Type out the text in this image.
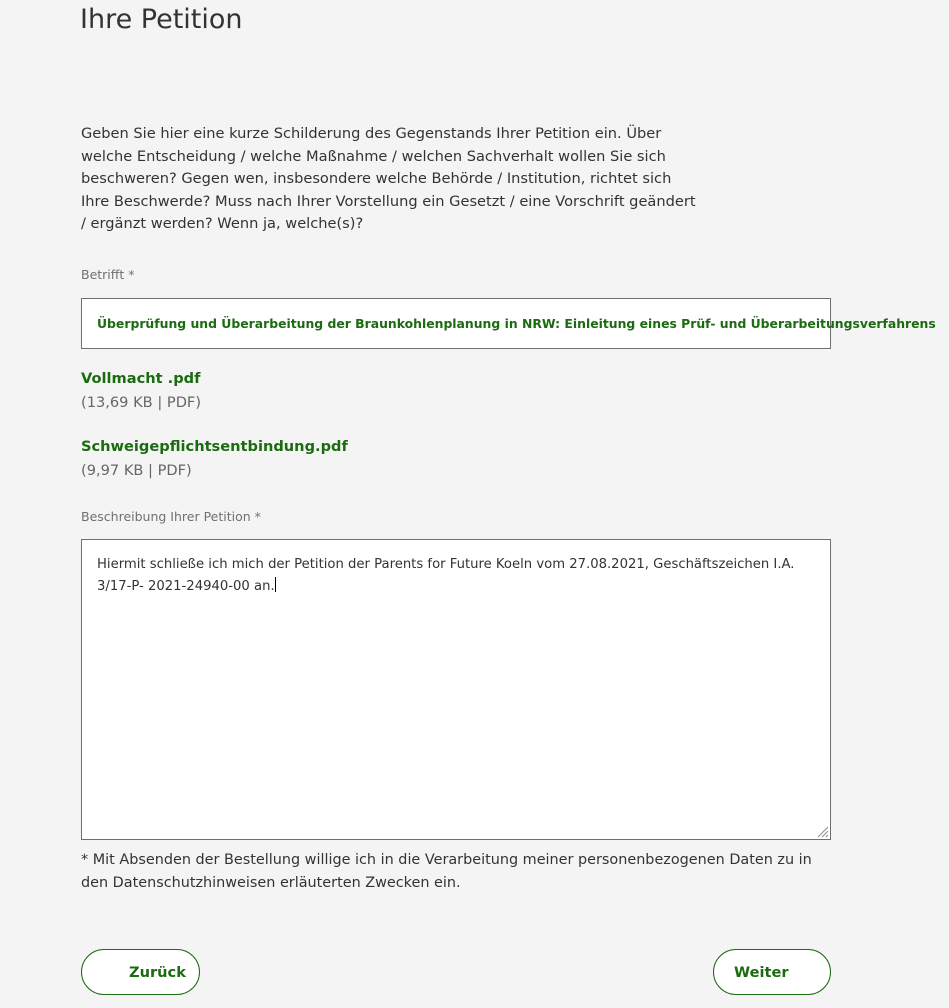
Ihre Petition

Geben Sie hier eine kurze Schilderung des Gegenstands Ihrer Petition ein. Über welche Entscheidung / welche Maßnahme / welchen Sachverhalt wollen Sie sich beschweren? Gegen wen, insbesondere welche Behörde / Institution, richtet sich Ihre Beschwerde? Muss nach Ihrer Vorstellung ein Gesetzt / eine Vorschrift geändert / ergänzt werden? Wenn ja, welche(s)?

Betrifft *
Überprüfung und Überarbeitung der Braunkohlenplanung in NRW: Einleitung eines Prüf- und Überarbeitungsverfahrens
Vollmacht .pdf
(13,69 KB | PDF)
Schweigepflichtsentbindung.pdf
(9,97 KB | PDF)
Beschreibung Ihrer Petition *
Hiermit schließe ich mich der Petition der Parents for Future Koeln vom 27.08.2021, Geschäftszeichen I.A. 3/17-P- 2021-24940-00 an.

* Mit Absenden der Bestellung willige ich in die Verarbeitung meiner personenbezogenen Daten zu in den Datenschutzhinweisen erläuterten Zwecken ein.

Zurück	Weiter
